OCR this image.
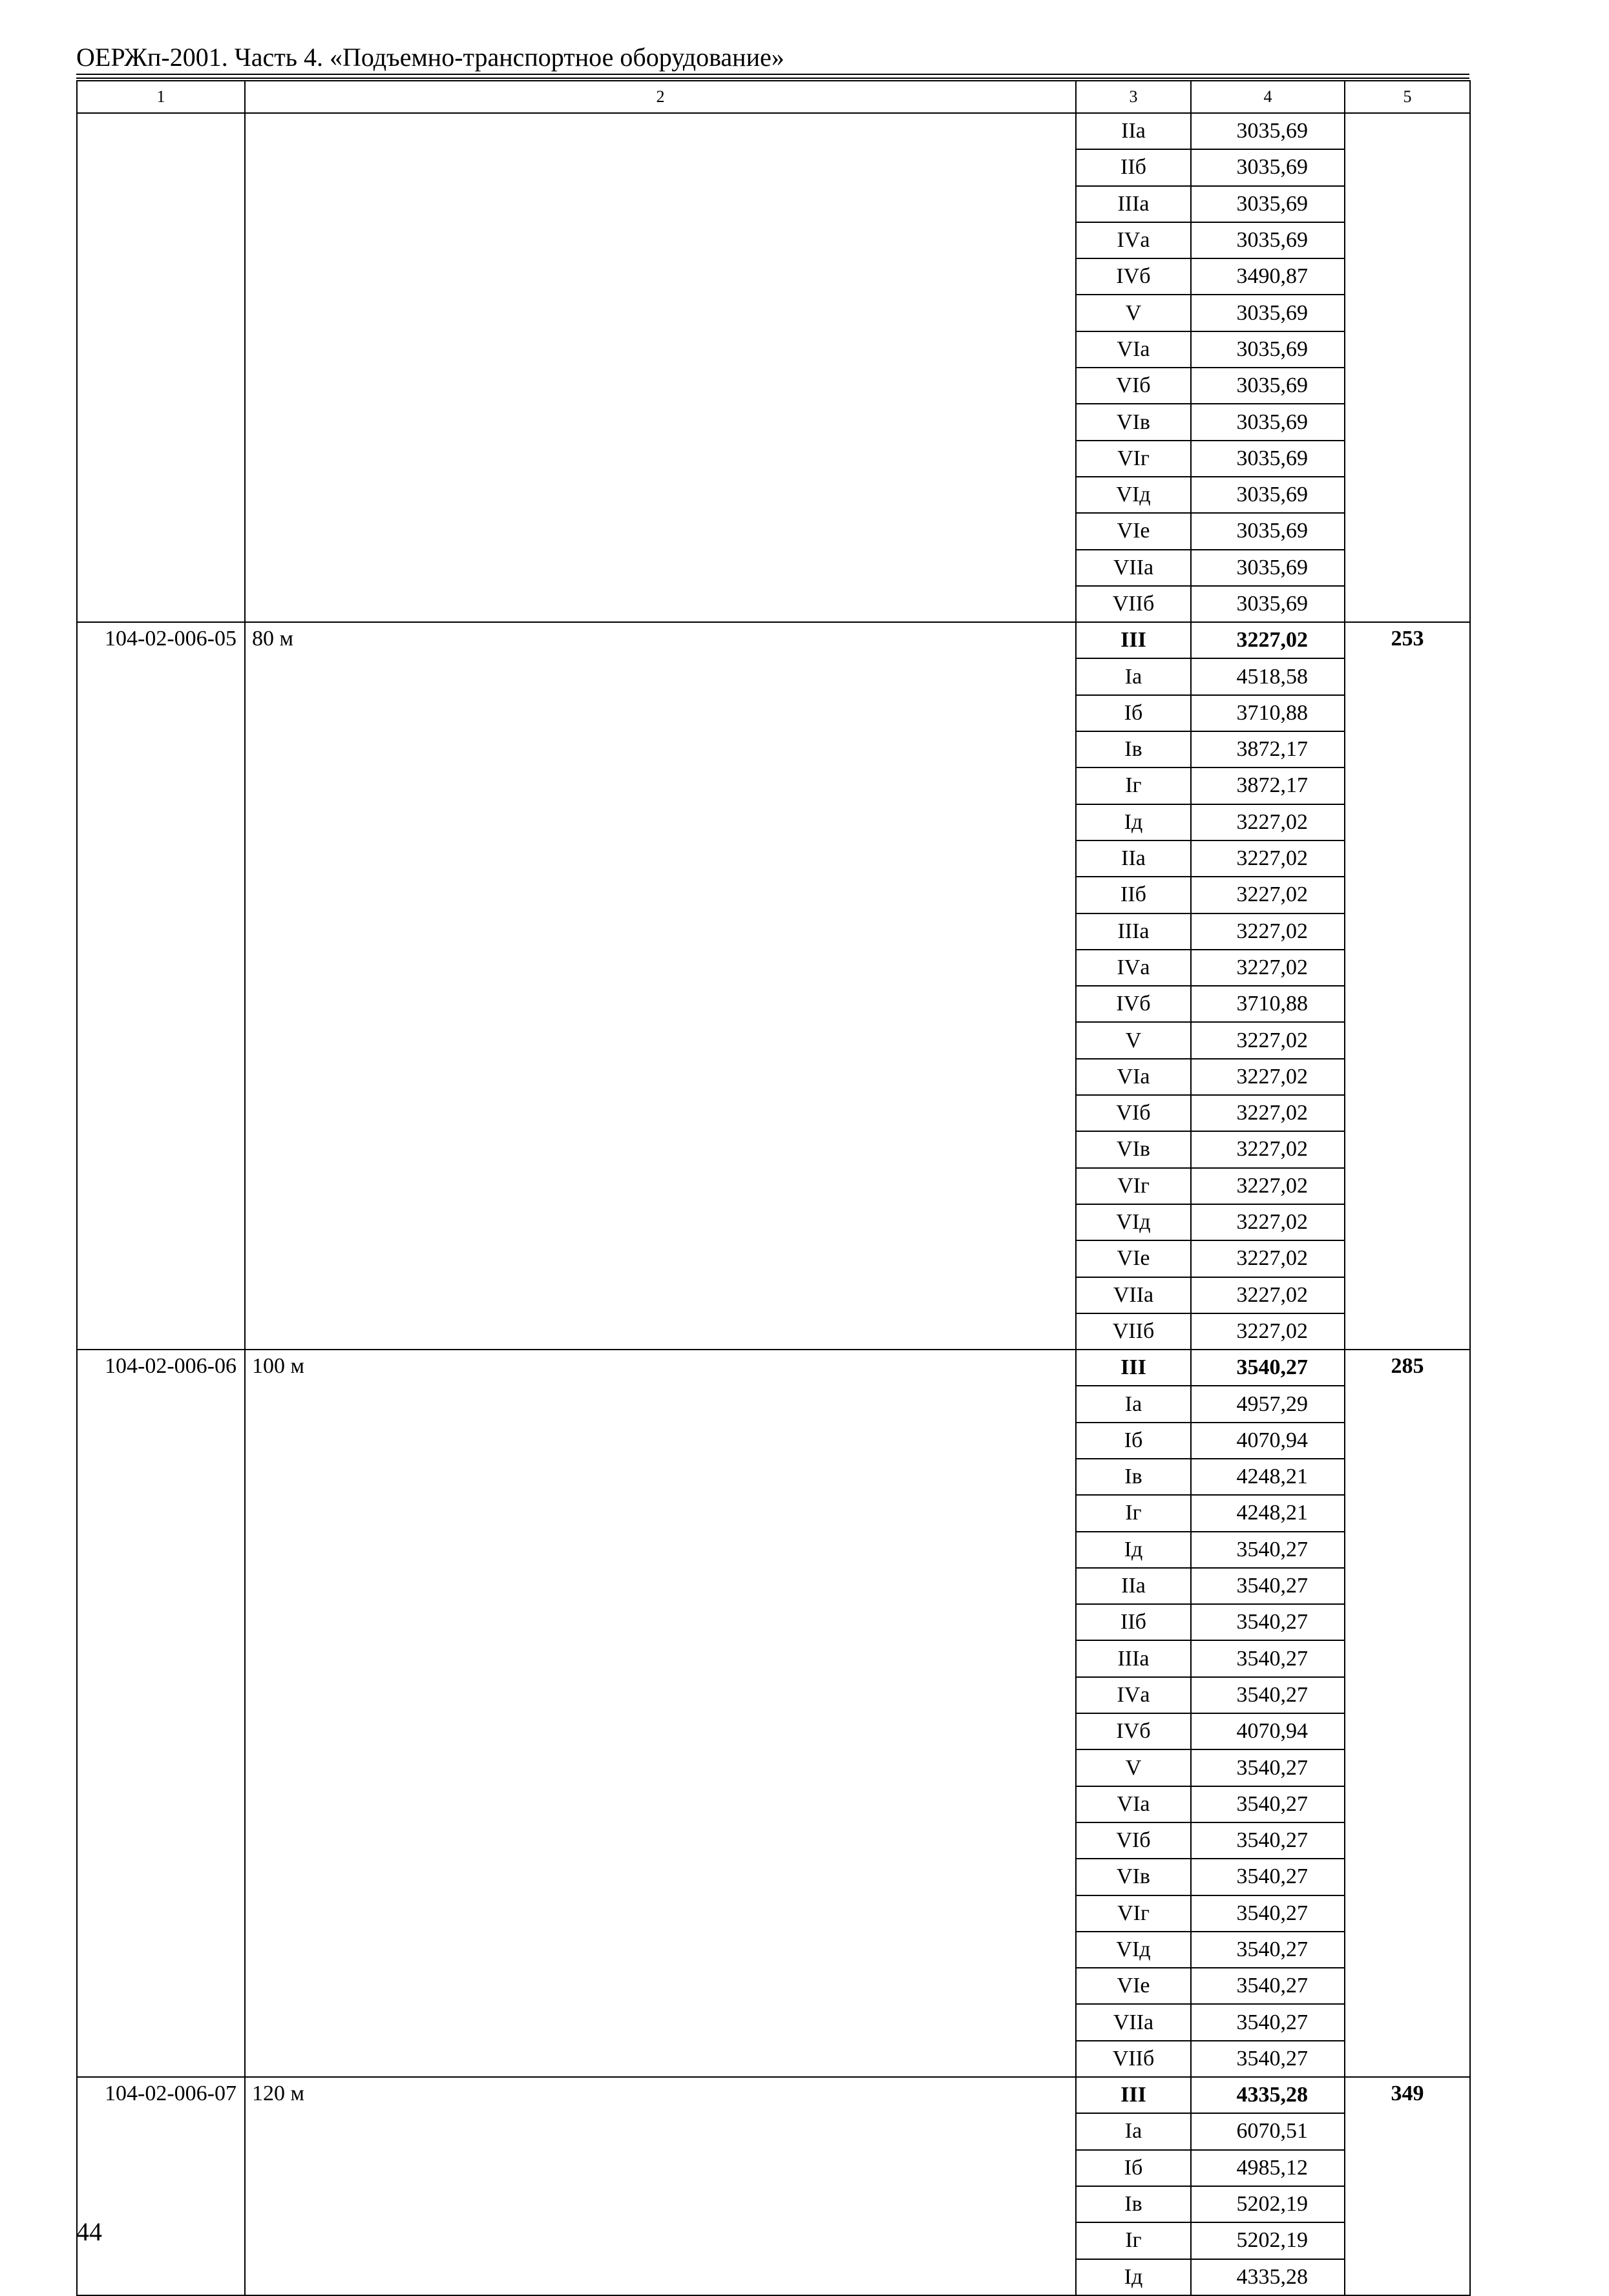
ОЕРЖп-2001. Часть 4. «Подъемно-транспортное оборудование»
1	2	3	4	5
		IIа	3035,69	
		IIб	3035,69	
		IIIа	3035,69	
		IVа	3035,69	
		IVб	3490,87	
		V	3035,69	
		VIа	3035,69	
		VIб	3035,69	
		VIв	3035,69	
		VIг	3035,69	
		VIд	3035,69	
		VIе	3035,69	
		VIIа	3035,69	
		VIIб	3035,69	
104-02-006-05	80 м	III	3227,02	253
		Iа	4518,58	
		Iб	3710,88	
		Iв	3872,17	
		Iг	3872,17	
		Iд	3227,02	
		IIа	3227,02	
		IIб	3227,02	
		IIIа	3227,02	
		IVа	3227,02	
		IVб	3710,88	
		V	3227,02	
		VIа	3227,02	
		VIб	3227,02	
		VIв	3227,02	
		VIг	3227,02	
		VIд	3227,02	
		VIе	3227,02	
		VIIа	3227,02	
		VIIб	3227,02	
104-02-006-06	100 м	III	3540,27	285
		Iа	4957,29	
		Iб	4070,94	
		Iв	4248,21	
		Iг	4248,21	
		Iд	3540,27	
		IIа	3540,27	
		IIб	3540,27	
		IIIа	3540,27	
		IVа	3540,27	
		IVб	4070,94	
		V	3540,27	
		VIа	3540,27	
		VIб	3540,27	
		VIв	3540,27	
		VIг	3540,27	
		VIд	3540,27	
		VIе	3540,27	
		VIIа	3540,27	
		VIIб	3540,27	
104-02-006-07	120 м	III	4335,28	349
		Iа	6070,51	
		Iб	4985,12	
		Iв	5202,19	
		Iг	5202,19	
		Iд	4335,28	
44
